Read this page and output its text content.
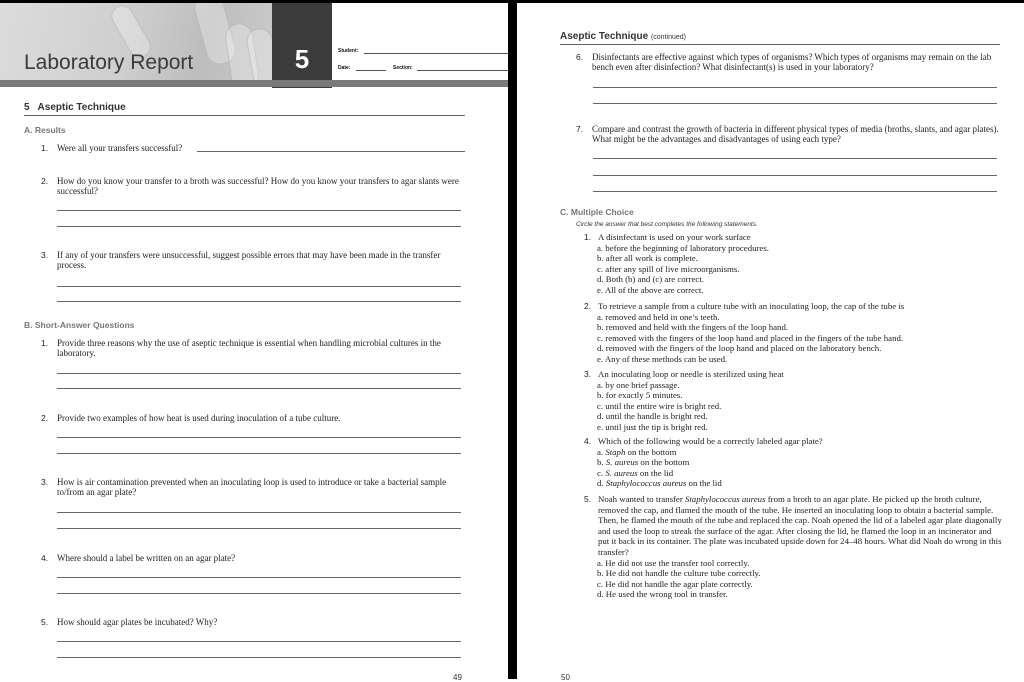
Laboratory Report	5	Student:
Date:	Section:
5 Aseptic Technique
A. Results
1. Were all your transfers successful?
2. How do you know your transfer to a broth was successful? How do you know your transfers to agar slants were successful?
3. If any of your transfers were unsuccessful, suggest possible errors that may have been made in the transfer process.
B. Short-Answer Questions
1. Provide three reasons why the use of aseptic technique is essential when handling microbial cultures in the laboratory.
2. Provide two examples of how heat is used during inoculation of a tube culture.
3. How is air contamination prevented when an inoculating loop is used to introduce or take a bacterial sample to/from an agar plate?
4. Where should a label be written on an agar plate?
5. How should agar plates be incubated? Why?
49
Aseptic Technique (continued)
6. Disinfectants are effective against which types of organisms? Which types of organisms may remain on the lab bench even after disinfection? What disinfectant(s) is used in your laboratory?
7. Compare and contrast the growth of bacteria in different physical types of media (broths, slants, and agar plates). What might be the advantages and disadvantages of using each type?
C. Multiple Choice
Circle the answer that best completes the following statements.
1. A disinfectant is used on your work surface
a. before the beginning of laboratory procedures.
b. after all work is complete.
c. after any spill of live microorganisms.
d. Both (b) and (c) are correct.
e. All of the above are correct.
2. To retrieve a sample from a culture tube with an inoculating loop, the cap of the tube is
a. removed and held in one’s teeth.
b. removed and held with the fingers of the loop hand.
c. removed with the fingers of the loop hand and placed in the fingers of the tube hand.
d. removed with the fingers of the loop hand and placed on the laboratory bench.
e. Any of these methods can be used.
3. An inoculating loop or needle is sterilized using heat
a. by one brief passage.
b. for exactly 5 minutes.
c. until the entire wire is bright red.
d. until the handle is bright red.
e. until just the tip is bright red.
4. Which of the following would be a correctly labeled agar plate?
a. Staph on the bottom
b. S. aureus on the bottom
c. S. aureus on the lid
d. Staphylococcus aureus on the lid
5. Noah wanted to transfer Staphylococcus aureus from a broth to an agar plate. He picked up the broth culture, removed the cap, and flamed the mouth of the tube. He inserted an inoculating loop to obtain a bacterial sample. Then, he flamed the mouth of the tube and replaced the cap. Noah opened the lid of a labeled agar plate diagonally and used the loop to streak the surface of the agar. After closing the lid, he flamed the loop in an incinerator and put it back in its container. The plate was incubated upside down for 24–48 hours. What did Noah do wrong in this transfer?
a. He did not use the transfer tool correctly.
b. He did not handle the culture tube correctly.
c. He did not handle the agar plate correctly.
d. He used the wrong tool in transfer.
50
